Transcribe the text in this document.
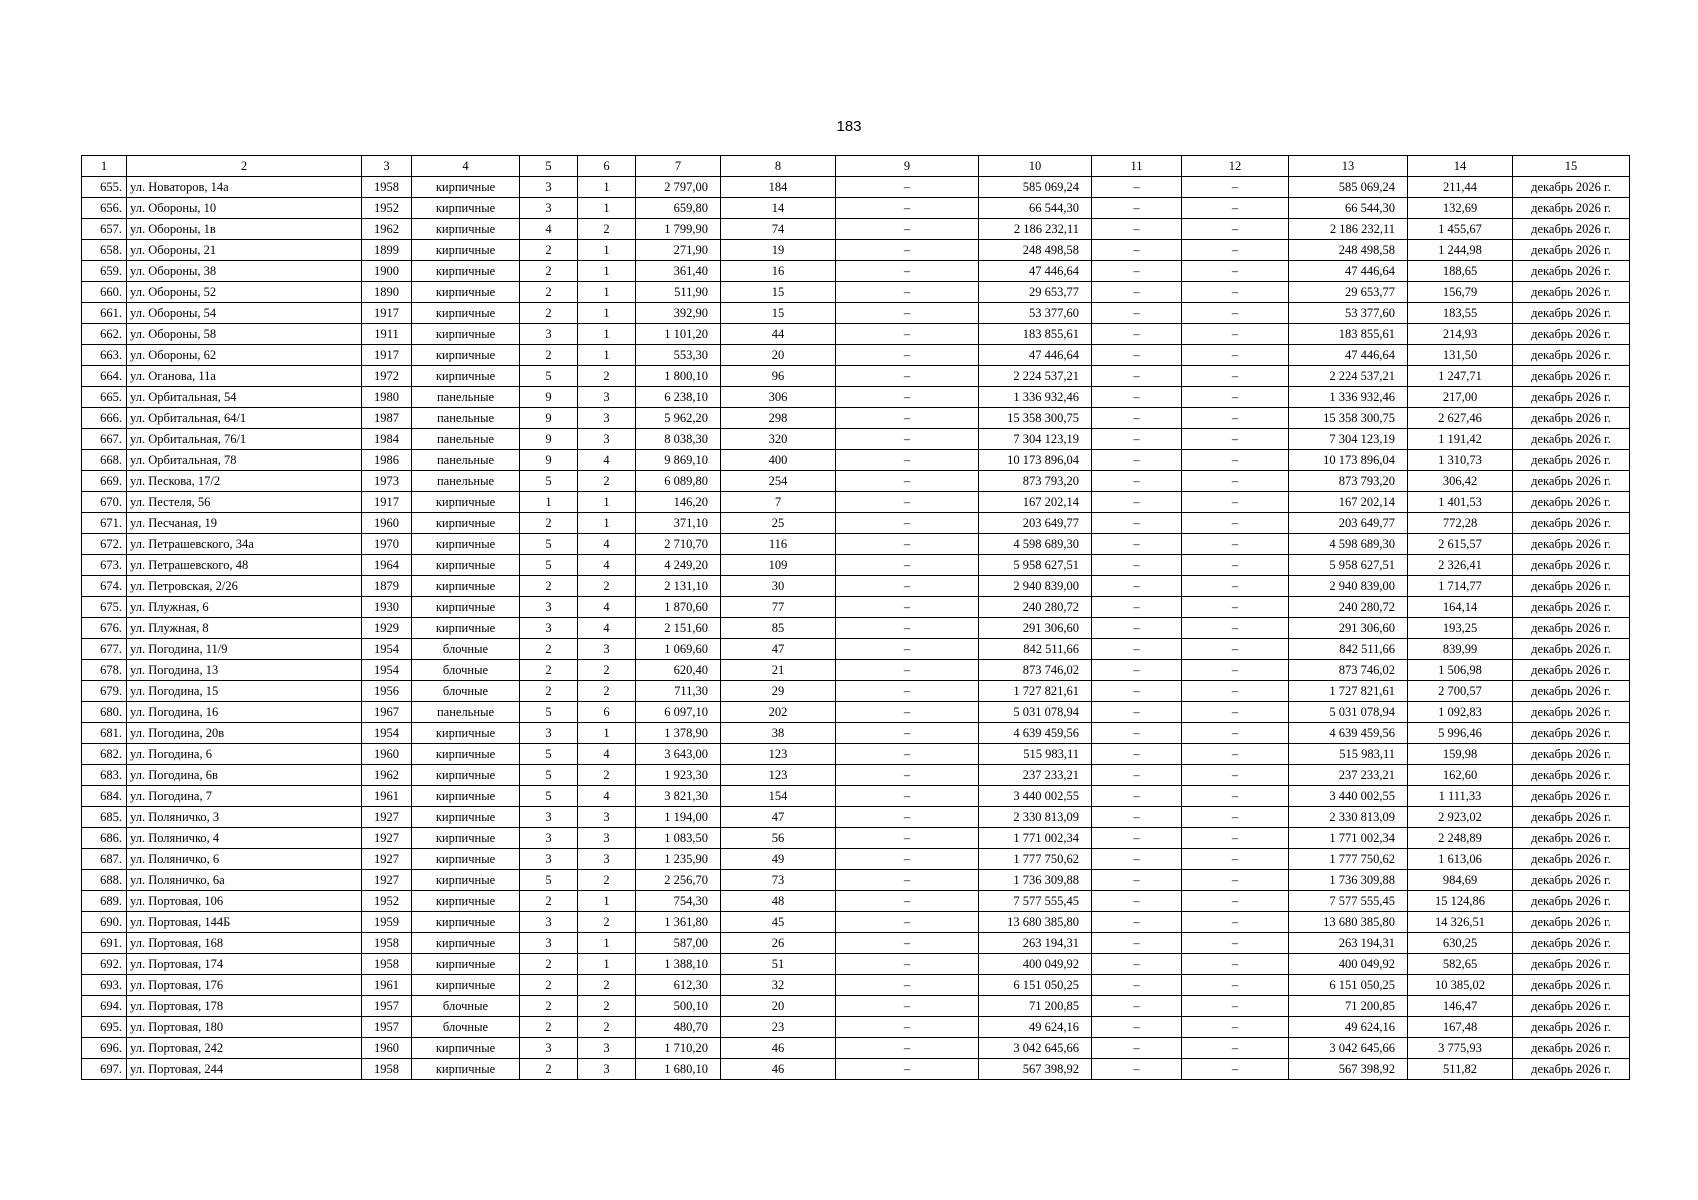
183
1	2	3	4	5	6	7	8	9	10	11	12	13	14	15
655.	ул. Новаторов, 14а	1958	кирпичные	3	1	2 797,00	184	–	585 069,24	–	–	585 069,24	211,44	декабрь 2026 г.
656.	ул. Обороны, 10	1952	кирпичные	3	1	659,80	14	–	66 544,30	–	–	66 544,30	132,69	декабрь 2026 г.
657.	ул. Обороны, 1в	1962	кирпичные	4	2	1 799,90	74	–	2 186 232,11	–	–	2 186 232,11	1 455,67	декабрь 2026 г.
658.	ул. Обороны, 21	1899	кирпичные	2	1	271,90	19	–	248 498,58	–	–	248 498,58	1 244,98	декабрь 2026 г.
659.	ул. Обороны, 38	1900	кирпичные	2	1	361,40	16	–	47 446,64	–	–	47 446,64	188,65	декабрь 2026 г.
660.	ул. Обороны, 52	1890	кирпичные	2	1	511,90	15	–	29 653,77	–	–	29 653,77	156,79	декабрь 2026 г.
661.	ул. Обороны, 54	1917	кирпичные	2	1	392,90	15	–	53 377,60	–	–	53 377,60	183,55	декабрь 2026 г.
662.	ул. Обороны, 58	1911	кирпичные	3	1	1 101,20	44	–	183 855,61	–	–	183 855,61	214,93	декабрь 2026 г.
663.	ул. Обороны, 62	1917	кирпичные	2	1	553,30	20	–	47 446,64	–	–	47 446,64	131,50	декабрь 2026 г.
664.	ул. Оганова, 11а	1972	кирпичные	5	2	1 800,10	96	–	2 224 537,21	–	–	2 224 537,21	1 247,71	декабрь 2026 г.
665.	ул. Орбитальная, 54	1980	панельные	9	3	6 238,10	306	–	1 336 932,46	–	–	1 336 932,46	217,00	декабрь 2026 г.
666.	ул. Орбитальная, 64/1	1987	панельные	9	3	5 962,20	298	–	15 358 300,75	–	–	15 358 300,75	2 627,46	декабрь 2026 г.
667.	ул. Орбитальная, 76/1	1984	панельные	9	3	8 038,30	320	–	7 304 123,19	–	–	7 304 123,19	1 191,42	декабрь 2026 г.
668.	ул. Орбитальная, 78	1986	панельные	9	4	9 869,10	400	–	10 173 896,04	–	–	10 173 896,04	1 310,73	декабрь 2026 г.
669.	ул. Пескова, 17/2	1973	панельные	5	2	6 089,80	254	–	873 793,20	–	–	873 793,20	306,42	декабрь 2026 г.
670.	ул. Пестеля, 56	1917	кирпичные	1	1	146,20	7	–	167 202,14	–	–	167 202,14	1 401,53	декабрь 2026 г.
671.	ул. Песчаная, 19	1960	кирпичные	2	1	371,10	25	–	203 649,77	–	–	203 649,77	772,28	декабрь 2026 г.
672.	ул. Петрашевского, 34а	1970	кирпичные	5	4	2 710,70	116	–	4 598 689,30	–	–	4 598 689,30	2 615,57	декабрь 2026 г.
673.	ул. Петрашевского, 48	1964	кирпичные	5	4	4 249,20	109	–	5 958 627,51	–	–	5 958 627,51	2 326,41	декабрь 2026 г.
674.	ул. Петровская, 2/26	1879	кирпичные	2	2	2 131,10	30	–	2 940 839,00	–	–	2 940 839,00	1 714,77	декабрь 2026 г.
675.	ул. Плужная, 6	1930	кирпичные	3	4	1 870,60	77	–	240 280,72	–	–	240 280,72	164,14	декабрь 2026 г.
676.	ул. Плужная, 8	1929	кирпичные	3	4	2 151,60	85	–	291 306,60	–	–	291 306,60	193,25	декабрь 2026 г.
677.	ул. Погодина, 11/9	1954	блочные	2	3	1 069,60	47	–	842 511,66	–	–	842 511,66	839,99	декабрь 2026 г.
678.	ул. Погодина, 13	1954	блочные	2	2	620,40	21	–	873 746,02	–	–	873 746,02	1 506,98	декабрь 2026 г.
679.	ул. Погодина, 15	1956	блочные	2	2	711,30	29	–	1 727 821,61	–	–	1 727 821,61	2 700,57	декабрь 2026 г.
680.	ул. Погодина, 16	1967	панельные	5	6	6 097,10	202	–	5 031 078,94	–	–	5 031 078,94	1 092,83	декабрь 2026 г.
681.	ул. Погодина, 20в	1954	кирпичные	3	1	1 378,90	38	–	4 639 459,56	–	–	4 639 459,56	5 996,46	декабрь 2026 г.
682.	ул. Погодина, 6	1960	кирпичные	5	4	3 643,00	123	–	515 983,11	–	–	515 983,11	159,98	декабрь 2026 г.
683.	ул. Погодина, 6в	1962	кирпичные	5	2	1 923,30	123	–	237 233,21	–	–	237 233,21	162,60	декабрь 2026 г.
684.	ул. Погодина, 7	1961	кирпичные	5	4	3 821,30	154	–	3 440 002,55	–	–	3 440 002,55	1 111,33	декабрь 2026 г.
685.	ул. Поляничко, 3	1927	кирпичные	3	3	1 194,00	47	–	2 330 813,09	–	–	2 330 813,09	2 923,02	декабрь 2026 г.
686.	ул. Поляничко, 4	1927	кирпичные	3	3	1 083,50	56	–	1 771 002,34	–	–	1 771 002,34	2 248,89	декабрь 2026 г.
687.	ул. Поляничко, 6	1927	кирпичные	3	3	1 235,90	49	–	1 777 750,62	–	–	1 777 750,62	1 613,06	декабрь 2026 г.
688.	ул. Поляничко, 6а	1927	кирпичные	5	2	2 256,70	73	–	1 736 309,88	–	–	1 736 309,88	984,69	декабрь 2026 г.
689.	ул. Портовая, 106	1952	кирпичные	2	1	754,30	48	–	7 577 555,45	–	–	7 577 555,45	15 124,86	декабрь 2026 г.
690.	ул. Портовая, 144Б	1959	кирпичные	3	2	1 361,80	45	–	13 680 385,80	–	–	13 680 385,80	14 326,51	декабрь 2026 г.
691.	ул. Портовая, 168	1958	кирпичные	3	1	587,00	26	–	263 194,31	–	–	263 194,31	630,25	декабрь 2026 г.
692.	ул. Портовая, 174	1958	кирпичные	2	1	1 388,10	51	–	400 049,92	–	–	400 049,92	582,65	декабрь 2026 г.
693.	ул. Портовая, 176	1961	кирпичные	2	2	612,30	32	–	6 151 050,25	–	–	6 151 050,25	10 385,02	декабрь 2026 г.
694.	ул. Портовая, 178	1957	блочные	2	2	500,10	20	–	71 200,85	–	–	71 200,85	146,47	декабрь 2026 г.
695.	ул. Портовая, 180	1957	блочные	2	2	480,70	23	–	49 624,16	–	–	49 624,16	167,48	декабрь 2026 г.
696.	ул. Портовая, 242	1960	кирпичные	3	3	1 710,20	46	–	3 042 645,66	–	–	3 042 645,66	3 775,93	декабрь 2026 г.
697.	ул. Портовая, 244	1958	кирпичные	2	3	1 680,10	46	–	567 398,92	–	–	567 398,92	511,82	декабрь 2026 г.
